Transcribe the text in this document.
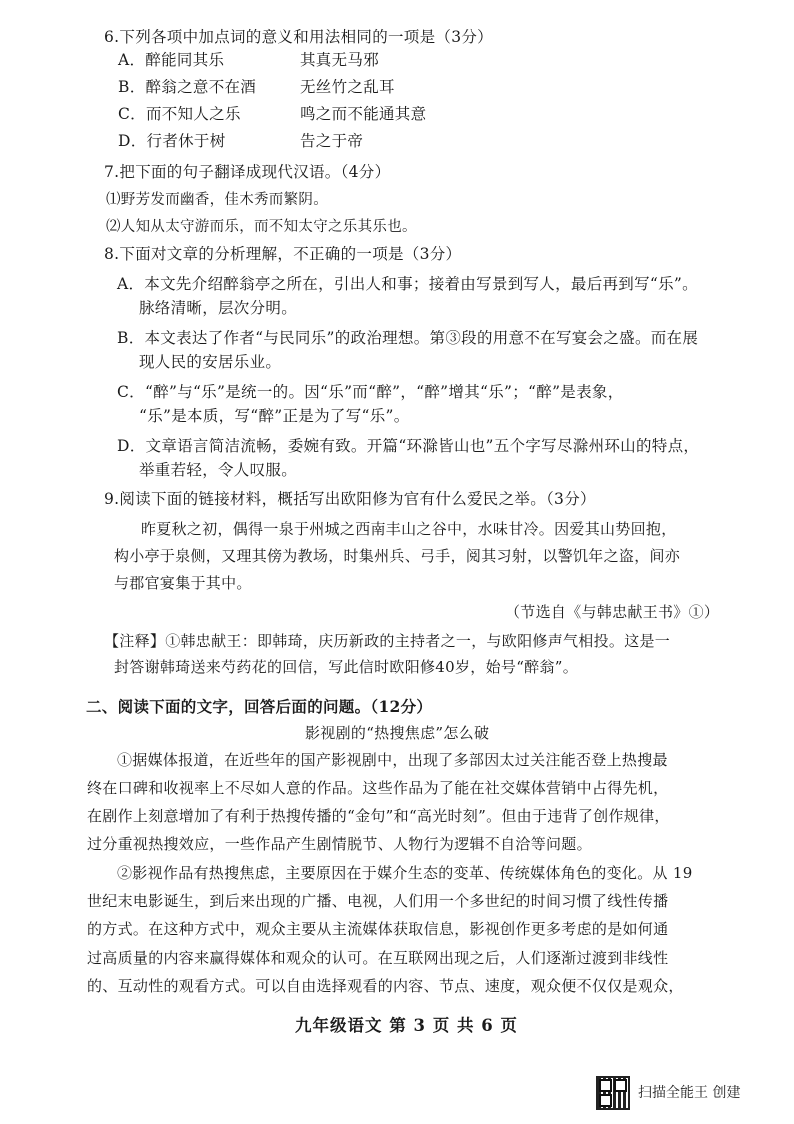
6.下列各项中加点词的意义和用法相同的一项是（3分）
A．醉能同其乐	其真无马邪
B．醉翁之意不在酒	无丝竹之乱耳
C．而不知人之乐	鸣之而不能通其意
D．行者休于树	告之于帝
7.把下面的句子翻译成现代汉语。（4分）
⑴野芳发而幽香，佳木秀而繁阴。
⑵人知从太守游而乐，而不知太守之乐其乐也。
8.下面对文章的分析理解，不正确的一项是（3分）
A．本文先介绍醉翁亭之所在，引出人和事；接着由写景到写人，最后再到写“乐”。
脉络清晰，层次分明。
B．本文表达了作者“与民同乐”的政治理想。第③段的用意不在写宴会之盛。而在展
现人民的安居乐业。
C．“醉”与“乐”是统一的。因“乐”而“醉”，“醉”增其“乐”；“醉”是表象，
“乐”是本质，写“醉”正是为了写“乐”。
D．文章语言简洁流畅，委婉有致。开篇“环滁皆山也”五个字写尽滁州环山的特点，
举重若轻，令人叹服。
9.阅读下面的链接材料，概括写出欧阳修为官有什么爱民之举。（3分）
昨夏秋之初，偶得一泉于州城之西南丰山之谷中，水味甘冷。因爱其山势回抱，
构小亭于泉侧，又理其傍为教场，时集州兵、弓手，阅其习射，以警饥年之盗，间亦
与郡官宴集于其中。
（节选自《与韩忠献王书》①）
【注释】①韩忠献王：即韩琦，庆历新政的主持者之一，与欧阳修声气相投。这是一
封答谢韩琦送来芍药花的回信，写此信时欧阳修40岁，始号“醉翁”。
二、阅读下面的文字，回答后面的问题。（12分）
影视剧的“热搜焦虑”怎么破
①据媒体报道，在近些年的国产影视剧中，出现了多部因太过关注能否登上热搜最
终在口碑和收视率上不尽如人意的作品。这些作品为了能在社交媒体营销中占得先机，
在剧作上刻意增加了有利于热搜传播的“金句”和“高光时刻”。但由于违背了创作规律，
过分重视热搜效应，一些作品产生剧情脱节、人物行为逻辑不自洽等问题。
②影视作品有热搜焦虑，主要原因在于媒介生态的变革、传统媒体角色的变化。从 19
世纪末电影诞生，到后来出现的广播、电视，人们用一个多世纪的时间习惯了线性传播
的方式。在这种方式中，观众主要从主流媒体获取信息，影视创作更多考虑的是如何通
过高质量的内容来赢得媒体和观众的认可。在互联网出现之后，人们逐渐过渡到非线性
的、互动性的观看方式。可以自由选择观看的内容、节点、速度，观众便不仅仅是观众，
九年级语文 第 3 页 共 6 页
扫描全能王 创建
